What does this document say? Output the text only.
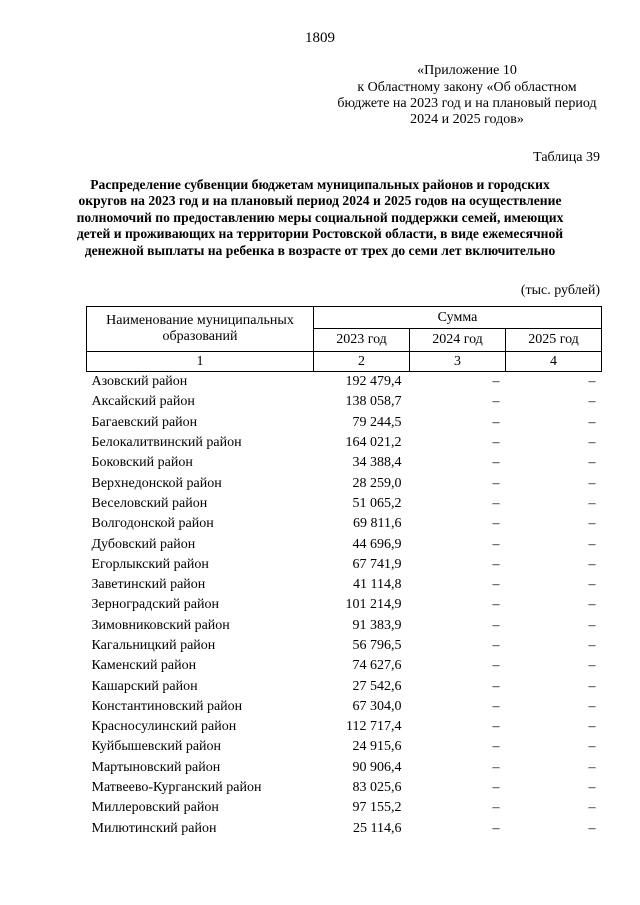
1809
«Приложение 10
к Областному закону «Об областном бюджете на 2023 год и на плановый период 2024 и 2025 годов»
Таблица 39
Распределение субвенции бюджетам муниципальных районов и городских округов на 2023 год и на плановый период 2024 и 2025 годов на осуществление полномочий по предоставлению меры социальной поддержки семей, имеющих детей и проживающих на территории Ростовской области, в виде ежемесячной денежной выплаты на ребенка в возрасте от трех до семи лет включительно
(тыс. рублей)
Наименование муниципальных образований	Сумма		
	2023 год	2024 год	2025 год
1	2	3	4
Азовский район	192 479,4	–	–
Аксайский район	138 058,7	–	–
Багаевский район	79 244,5	–	–
Белокалитвинский район	164 021,2	–	–
Боковский район	34 388,4	–	–
Верхнедонской район	28 259,0	–	–
Веселовский район	51 065,2	–	–
Волгодонской район	69 811,6	–	–
Дубовский район	44 696,9	–	–
Егорлыкский район	67 741,9	–	–
Заветинский район	41 114,8	–	–
Зерноградский район	101 214,9	–	–
Зимовниковский район	91 383,9	–	–
Кагальницкий район	56 796,5	–	–
Каменский район	74 627,6	–	–
Кашарский район	27 542,6	–	–
Константиновский район	67 304,0	–	–
Красносулинский район	112 717,4	–	–
Куйбышевский район	24 915,6	–	–
Мартыновский район	90 906,4	–	–
Матвеево-Курганский район	83 025,6	–	–
Миллеровский район	97 155,2	–	–
Милютинский район	25 114,6	–	–
